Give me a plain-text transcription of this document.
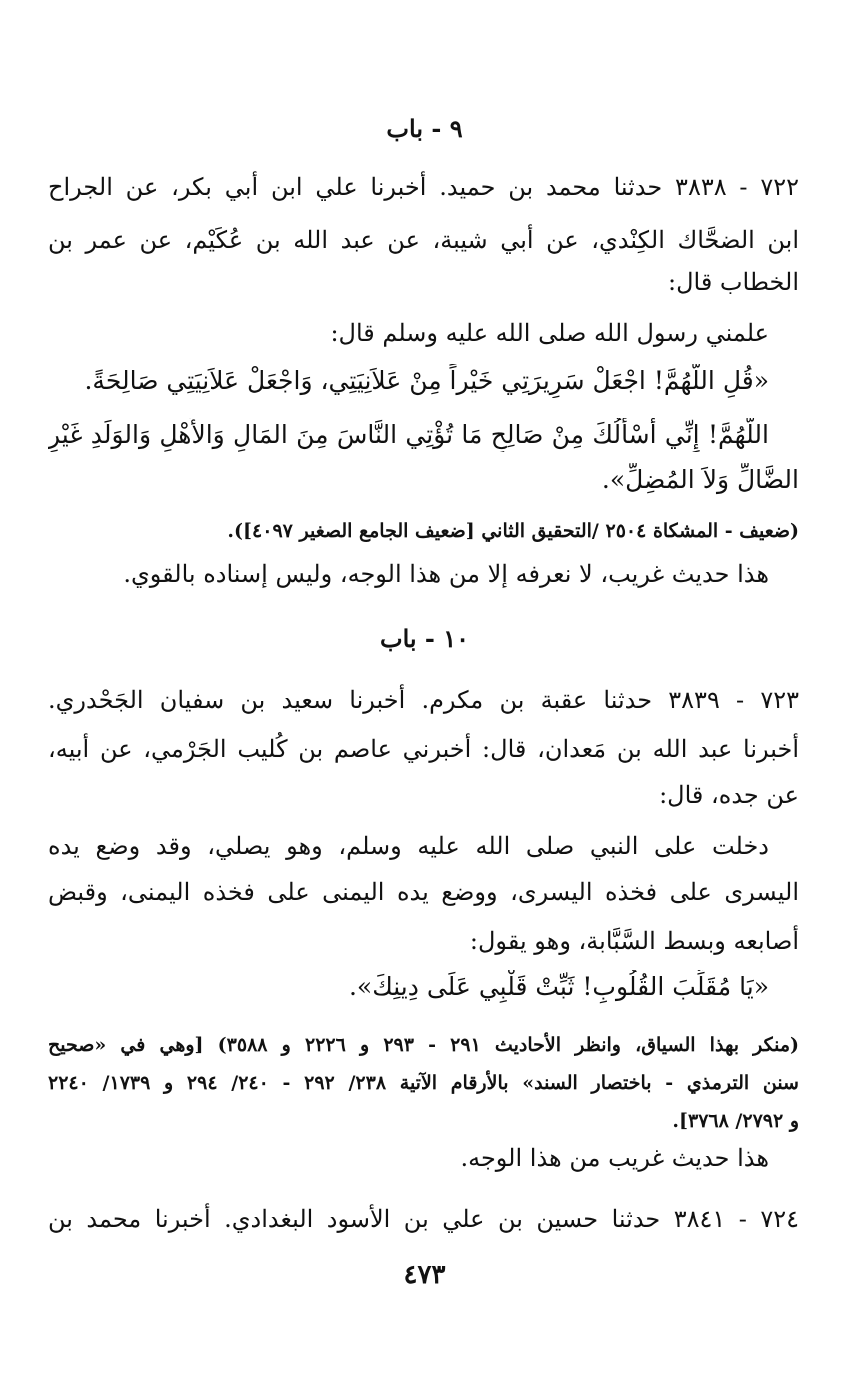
٩ - باب
٧٢٢ - ٣٨٣٨ حدثنا محمد بن حميد. أخبرنا علي ابن أبي بكر، عن الجراح
ابن الضحَّاك الكِنْدي، عن أبي شيبة، عن عبد الله بن عُكَيْم، عن عمر بن
الخطاب قال:
علمني رسول الله صلى الله عليه وسلم قال:
«قُلِ اللَّهُمَّ! اجْعَلْ سَرِيرَتِي خَيْراً مِنْ عَلاَنِيَتِي، وَاجْعَلْ عَلاَنِيَتِي صَالِحَةً.
اللَّهُمَّ! إِنِّي أَسْأَلُكَ مِنْ صَالِحِ مَا تُؤْتِي النَّاسَ مِنَ المَالِ وَالأَهْلِ وَالوَلَدِ غَيْرِ
الضَّالِّ وَلاَ المُضِلِّ».
(ضعيف - المشكاة ٢٥٠٤ /التحقيق الثاني [ضعيف الجامع الصغير ٤٠٩٧]).
هذا حديث غريب، لا نعرفه إلا من هذا الوجه، وليس إسناده بالقوي.
١٠ - باب
٧٢٣ - ٣٨٣٩ حدثنا عقبة بن مكرم. أخبرنا سعيد بن سفيان الجَحْدري.
أخبرنا عبد الله بن مَعدان، قال: أخبرني عاصم بن كُليب الجَرْمي، عن أبيه،
عن جده، قال:
دخلت على النبي صلى الله عليه وسلم، وهو يصلي، وقد وضع يده
اليسرى على فخذه اليسرى، ووضع يده اليمنى على فخذه اليمنى، وقبض
أصابعه وبسط السَّبَّابة، وهو يقول:
«يَا مُقَلِّبَ القُلُوبِ! ثَبِّتْ قَلْبِي عَلَى دِينِكَ».
(منكر بهذا السياق، وانظر الأحاديث ٢٩١ - ٢٩٣ و ٢٢٢٦ و ٣٥٨٨) [وهي في «صحيح
سنن الترمذي - باختصار السند» بالأرقام الآتية ٢٣٨/ ٢٩٢ - ٢٤٠/ ٢٩٤ و ١٧٣٩/ ٢٢٤٠
و ٢٧٩٢/ ٣٧٦٨].
هذا حديث غريب من هذا الوجه.
٧٢٤ - ٣٨٤١ حدثنا حسين بن علي بن الأسود البغدادي. أخبرنا محمد بن
٤٧٣
